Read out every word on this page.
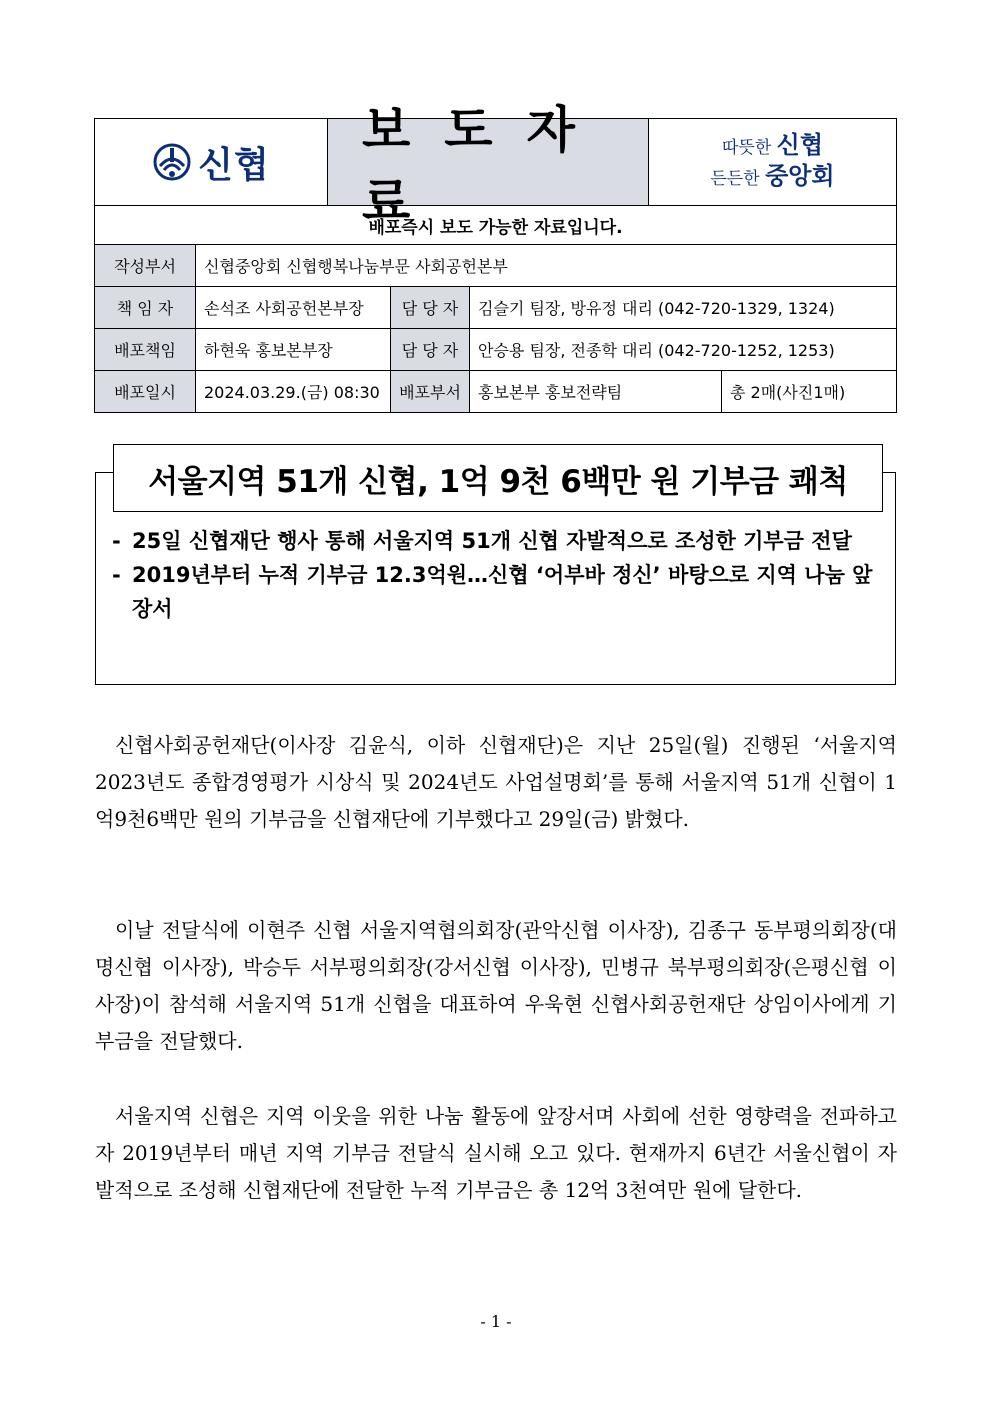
신협
보도자료
따뜻한 신협
든든한 중앙회
배포즉시 보도 가능한 자료입니다.
작성부서	신협중앙회 신협행복나눔부문 사회공헌본부
책 임 자	손석조 사회공헌본부장	담 당 자	김슬기 팀장, 방유정 대리 (042-720-1329, 1324)
배포책임	하현욱 홍보본부장	담 당 자	안승용 팀장, 전종학 대리 (042-720-1252, 1253)
배포일시	2024.03.29.(금) 08:30	배포부서	홍보본부 홍보전략팀	총 2매(사진1매)
서울지역 51개 신협, 1억 9천 6백만 원 기부금 쾌척
- 25일 신협재단 행사 통해 서울지역 51개 신협 자발적으로 조성한 기부금 전달
- 2019년부터 누적 기부금 12.3억원…신협 ‘어부바 정신’ 바탕으로 지역 나눔 앞장서
 신협사회공헌재단(이사장 김윤식, 이하 신협재단)은 지난 25일(월) 진행된 ‘서울지역 2023년도 종합경영평가 시상식 및 2024년도 사업설명회’를 통해 서울지역 51개 신협이 1억9천6백만 원의 기부금을 신협재단에 기부했다고 29일(금) 밝혔다.
 이날 전달식에 이현주 신협 서울지역협의회장(관악신협 이사장), 김종구 동부평의회장(대명신협 이사장), 박승두 서부평의회장(강서신협 이사장), 민병규 북부평의회장(은평신협 이사장)이 참석해 서울지역 51개 신협을 대표하여 우욱현 신협사회공헌재단 상임이사에게 기부금을 전달했다.
 서울지역 신협은 지역 이웃을 위한 나눔 활동에 앞장서며 사회에 선한 영향력을 전파하고자 2019년부터 매년 지역 기부금 전달식 실시해 오고 있다. 현재까지 6년간 서울신협이 자발적으로 조성해 신협재단에 전달한 누적 기부금은 총 12억 3천여만 원에 달한다.
- 1 -
